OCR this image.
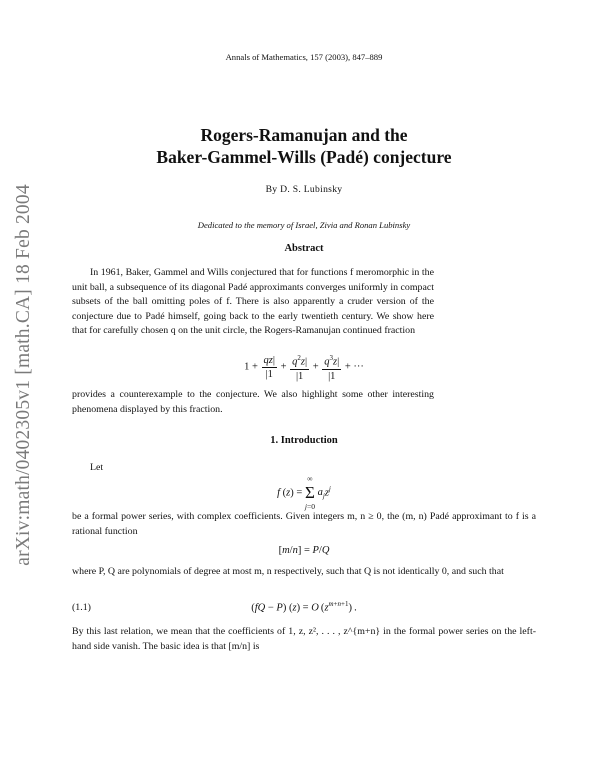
arXiv:math/0402305v1 [math.CA] 18 Feb 2004
Annals of Mathematics, 157 (2003), 847–889
Rogers-Ramanujan and the
Baker-Gammel-Wills (Padé) conjecture
By D. S. Lubinsky
Dedicated to the memory of Israel, Zivia and Ronan Lubinsky
Abstract

In 1961, Baker, Gammel and Wills conjectured that for functions f meromorphic in the unit ball, a subsequence of its diagonal Padé approximants converges uniformly in compact subsets of the ball omitting poles of f. There is also apparently a cruder version of the conjecture due to Padé himself, going back to the early twentieth century. We show here that for carefully chosen q on the unit circle, the Rogers-Ramanujan continued fraction

$1 + \frac{qz|}{|1} + \frac{q^2z|}{|1} + \frac{q^3z|}{|1}$ + ···
provides a counterexample to the conjecture. We also highlight some other interesting phenomena displayed by this fraction.
1. Introduction
Let
f (z) =
∞
Σ
j=0
$a_jz^j$

be a formal power series, with complex coefficients. Given integers m, n ≥ 0, the (m, n) Padé approximant to f is a rational function

[m/n] = P/Q

where P, Q are polynomials of degree at most m, n respectively, such that Q is not identically 0, and such that

(1.1)	(fQ − P) (z) = O $(z^{m+n+1})$ .

By this last relation, we mean that the coefficients of 1, z, z², . . . , z^{m+n} in the formal power series on the left-hand side vanish. The basic idea is that [m/n] is
